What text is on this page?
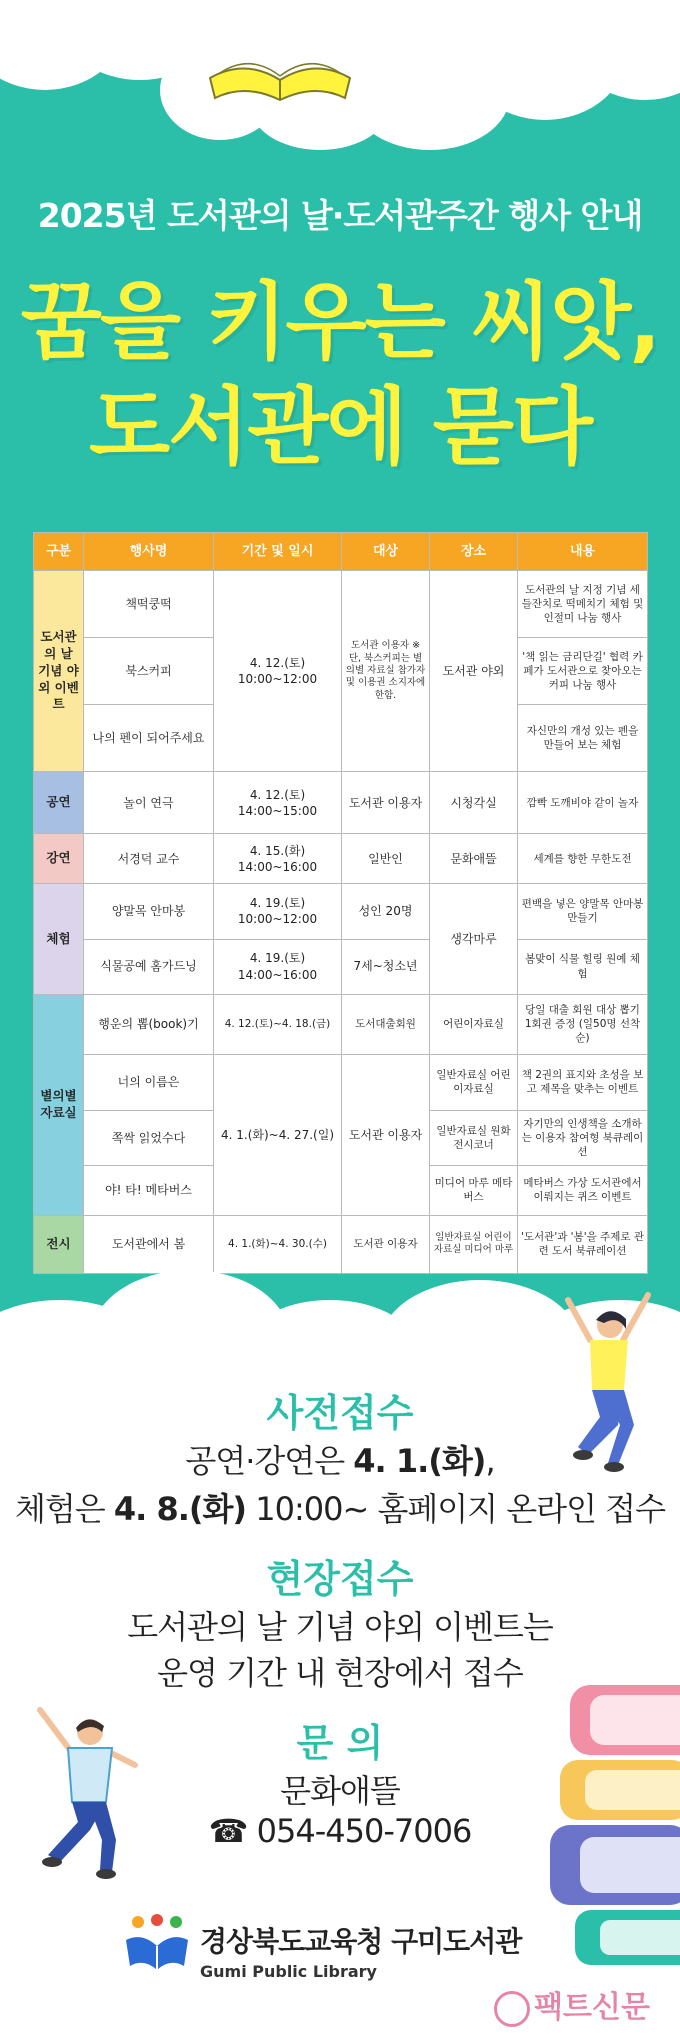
2025년 도서관의 날·도서관주간 행사 안내
꿈을 키우는 씨앗,
도서관에 묻다
구분	행사명	기간 및 일시	대상	장소	내용
도서관의 날 기념 야외 이벤트	책떡쿵떡	4. 12.(토) 10:00~12:00	도서관 이용자 ※ 단, 북스커피는 별의별 자료실 참가자 및 이용권 소지자에 한함.	도서관 야외	도서관의 날 지정 기념 세들잔치로 떡메치기 체험 및 인절미 나눔 행사
	북스커피				'책 읽는 금리단길' 협력 카페가 도서관으로 찾아오는 커피 나눔 행사
	나의 펜이 되어주세요				자신만의 개성 있는 펜을 만들어 보는 체험
공연	놀이 연극	4. 12.(토) 14:00~15:00	도서관 이용자	시청각실	깜빡 도깨비야 같이 놀자
강연	서경덕 교수	4. 15.(화) 14:00~16:00	일반인	문화애뜰	세계를 향한 무한도전
체험	양말목 안마봉	4. 19.(토) 10:00~12:00	성인 20명	생각마루	편백을 넣은 양말목 안마봉 만들기
	식물공예 홈가드닝	4. 19.(토) 14:00~16:00	7세~청소년		봄맞이 식물 힐링 원예 체험
별의별 자료실	행운의 뽑(book)기	4. 12.(토)~4. 18.(금)	도서대출회원	어린이자료실	당일 대출 회원 대상 뽑기 1회권 증정 (일50명 선착순)
	너의 이름은	4. 1.(화)~4. 27.(일)	도서관 이용자	일반자료실 어린이자료실	책 2권의 표지와 초성을 보고 제목을 맞추는 이벤트
	쪽싹 읽었수다			일반자료실 원화전시코너	자기만의 인생책을 소개하는 이용자 참여형 북큐레이션
	야! 타! 메타버스			미디어 마루 메타버스	메타버스 가상 도서관에서 이뤄지는 퀴즈 이벤트
전시	도서관에서 봄	4. 1.(화)~4. 30.(수)	도서관 이용자	일반자료실 어린이자료실 미디어 마루	'도서관'과 '봄'을 주제로 관련 도서 북큐레이션
사전접수
공연·강연은 4. 1.(화),
체험은 4. 8.(화) 10:00~ 홈페이지 온라인 접수
현장접수
도서관의 날 기념 야외 이벤트는
운영 기간 내 현장에서 접수
문 의
문화애뜰
☎ 054-450-7006
경상북도교육청 구미도서관
Gumi Public Library
팩트신문
